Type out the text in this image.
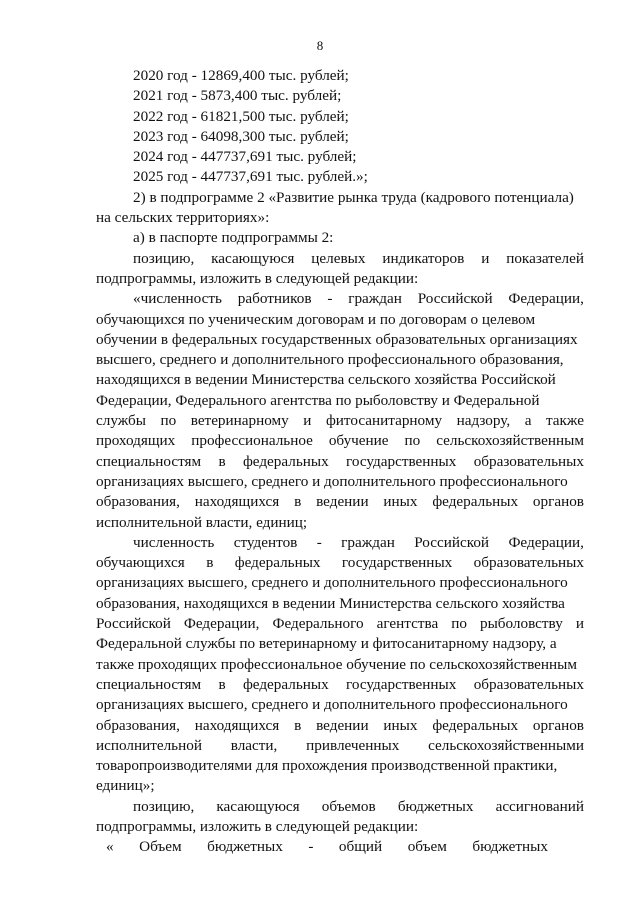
8
2020 год - 12869,400 тыс. рублей;
2021 год - 5873,400 тыс. рублей;
2022 год - 61821,500 тыс. рублей;
2023 год - 64098,300 тыс. рублей;
2024 год - 447737,691 тыс. рублей;
2025 год - 447737,691 тыс. рублей.»;
2) в подпрограмме 2 «Развитие рынка труда (кадрового потенциала)
на сельских территориях»:
а) в паспорте подпрограммы 2:
позицию, касающуюся целевых индикаторов и показателей
подпрограммы, изложить в следующей редакции:
«численность работников - граждан Российской Федерации,
обучающихся по ученическим договорам и по договорам о целевом
обучении в федеральных государственных образовательных организациях
высшего, среднего и дополнительного профессионального образования,
находящихся в ведении Министерства сельского хозяйства Российской
Федерации, Федерального агентства по рыболовству и Федеральной
службы по ветеринарному и фитосанитарному надзору, а также
проходящих профессиональное обучение по сельскохозяйственным
специальностям в федеральных государственных образовательных
организациях высшего, среднего и дополнительного профессионального
образования, находящихся в ведении иных федеральных органов
исполнительной власти, единиц;
численность студентов - граждан Российской Федерации,
обучающихся в федеральных государственных образовательных
организациях высшего, среднего и дополнительного профессионального
образования, находящихся в ведении Министерства сельского хозяйства
Российской Федерации, Федерального агентства по рыболовству и
Федеральной службы по ветеринарному и фитосанитарному надзору, а
также проходящих профессиональное обучение по сельскохозяйственным
специальностям в федеральных государственных образовательных
организациях высшего, среднего и дополнительного профессионального
образования, находящихся в ведении иных федеральных органов
исполнительной власти, привлеченных сельскохозяйственными
товаропроизводителями для прохождения производственной практики,
единиц»;
позицию, касающуюся объемов бюджетных ассигнований
подпрограммы, изложить в следующей редакции:
« Объем бюджетных - общий объем бюджетных
